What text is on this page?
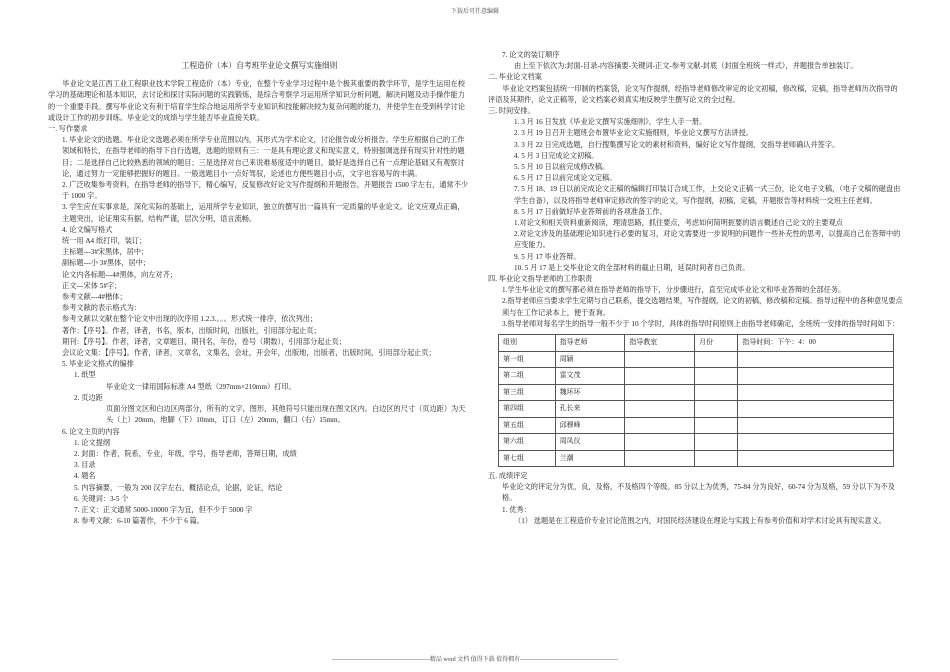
下载后可任意编辑
工程造价（本）自考班毕业论文撰写实施细则

毕业论文是江西工业工程职业技术学院工程造价（本）专业，在整个专业学习过程中是个极其重要的教学环节，是学生运用在校学习的基础理论和基本知识，去讨论和探讨实际问题的实践锻炼，是综合考察学习运用所学知识分析问题，解决问题及动手操作能力的一个重要手段。撰写毕业论文有利于培育学生综合地运用所学专业知识和技能解决较为复杂问题的能力，并使学生在受到科学讨论或设计工作的初步训练。毕业论文的成绩与学生能否毕业直接关联。

一. 写作要求

1. 毕业论文的选题。毕业论文选题必须在所学专业范围以内，其形式为学术论文，讨论报告或分析报告。学生应根据自己的工作领域和特长，在指导老师的指导下自行选题，选题的原则有三：一是具有理论意义和现实意义，特别强调选择有现实针对性的题目；二是选择自己比较熟悉的领域的题目；三是选择对自己来说难易度适中的题目，最好是选择自己有一点理论基础又有观察讨论，通过努力一定能够把握好的题目。一般选题目小一点好驾驭，论述也方便些题目小点，文字也容易写的丰满。

2. 广泛收集参考资料，在指导老师的指导下，精心编写，反复修改好论文写作提纲和开题报告，开题报告 1500 字左右，通常不少于 1000 字。

3. 学生应在实事求是，深化实际的基础上，运用所学专业知识，独立的撰写出一篇具有一定质量的毕业论文。论文应观点正确，主题突出，论证翔实有据，结构严谨，层次分明，语言流畅。

4. 论文编写格式

统一用 A4 纸打印，装订；

主标题---3#宋黑体，居中；

副标题---小 3#黑体，居中；

论文内各标题---4#黑体，向左对齐；

正文---宋体 5#字；

参考文献---4#楷体；

参考文献的表示格式为：

参考文献以文献在整个论文中出现的次序用 1.2.3.。。。形式统一排序，依次列出；

著作：【序号】。作者，译者，书名，版本，出版时间，出版社，引用部分起止页；

期刊：【序号】。作者，译者，文章题目，期刊名，年份，卷号（期数），引用部分起止页；

会议论文集：【序号】。作者，译者，文章名，文集名，会址，开会年，出版地，出版者，出版时间，引用部分起止页；

5. 毕业论文格式的编排

1. 纸型

毕业论文一律用国际标准 A4 型纸（297mm×210mm）打印。

2. 页边距

页面分图文区和白边区两部分，所有的文字，图形，其他符号只能出现在图文区内。白边区的尺寸（页边距）为天头（上）20mm，地脚（下）10mm，订口（左）20mm，翻口（右）15mm。

6. 论文主页的内容

1. 论文提纲

2. 封面：作者，院系，专业，年级，学号，指导老师，答辩日期，成绩

3. 目录

4. 题名

5. 内容摘要，一般为 200 汉字左右，概括论点，论据，论证，结论

6. 关键词：3-5 个

7. 正文：正文通常 5000-10000 字为宜，但不少于 5000 字

8. 参考文献：6-10 篇著作，不少于 6 篇。

7. 论文的装订顺序

由上至下依次为:封面-目录-内容摘要-关键词-正文-参考文献-封底（封面全班统一样式），并题报告单独装订。

二. 毕业论文档案

毕业论文档案包括统一印制的档案袋，论文写作提纲，经指导老师修改审定的论文初稿，修改稿，定稿，指导老师历次指导的评语及其期件，论文正稿等，论文档案必须真实地反映学生撰写论文的全过程。

三. 时间安排。

1. 3 月 16 日发放《毕业论文撰写实施细则》，学生人手一册。

2. 3 月 19 日召开主题班会布置毕业论文实施细则，毕业论文撰写方法讲授。

3. 3 月 22 日完成选题，自行搜集撰写论文的素材和资料，编好论文写作提纲，交指导老师确认并签字。

4. 5 月 3 日完成论文初稿。

5. 5 月 10 日以前完成修改稿。

6. 5 月 17 日以前完成论文定稿。

7. 5 月 18、19 日以前完成论文正稿的编辑打印装订合成工作，上交论文正稿一式三份，论文电子文稿，（电子文稿的磁盘由学生自备），以及将指导老师审定修改的签字的论文，写作提纲，初稿，定稿，开题报告等材料统一交班主任老师。

8. 5 月 17 日前做好毕业答辩前的各项准备工作。

1.对论文和相关资料重新阅读，理清思路，抓住要点，考虑如何简明扼要的语言概述自己论文的主要观点

2.对论文涉及的基础理论知识进行必要的复习，对论文需要进一步说明的问题作一些补充性的思考，以提高自己在答辩中的应变能力。

9. 5 月 17 毕业答辩。

10. 5 月 17 是上交毕业论文的全部材料的截止日期，延误时间者自己负责。

四. 毕业论文指导老师的工作职责

1.学生毕业论文的撰写都必须在指导老师的指导下，分步骤进行，直至完成毕业论文和毕业答辩的全部任务。

2.指导老师应当要求学生定期与自己联系，提交选题结果，写作提纲，论文的初稿，修改稿和定稿。指导过程中的各种意见要点须与在工作记录本上，便于查询。

3.指导老师对每名学生的指导一般不少于 10 个学时，具体的指导时间原则上由指导老师确定，全班统一安排的指导时间如下：

组别	指导老师	指导教室	月份	指导时间：下午：4：00
第一组	周颖			
第二组	雷文茂			
第三组	魏环环			
第四组	孔长来			
第五组	邱穆峰			
第六组	周凤仪			
第七组	兰潮			

五. 成绩评定

毕业论文的评定分为优，良，及格，不及格四个等级。85 分以上为优秀，75-84 分为良好，60-74 分为及格，59 分以下为不及格。

1. 优秀：

（1） 选题是在工程造价专业讨论范围之内，对国民经济建设在理论与实践上有参考价值和对学术讨论具有现实意义。

-------------------------------------------------精品 word 文档 值得下载 值得拥有-------------------------------------------------
